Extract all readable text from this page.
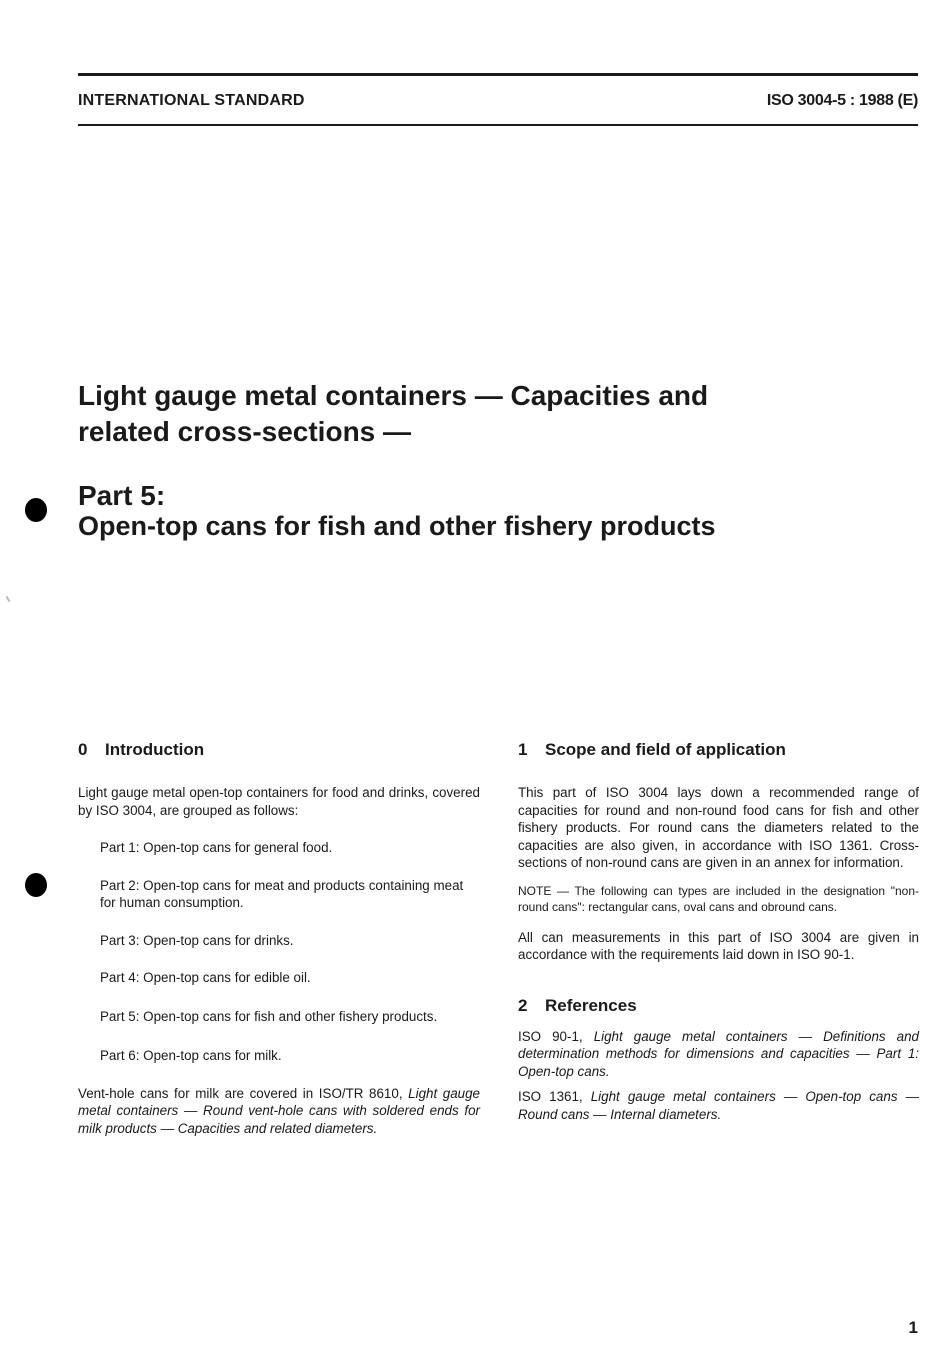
INTERNATIONAL STANDARD	ISO 3004-5 : 1988 (E)
Light gauge metal containers — Capacities and
related cross-sections —
Part 5:
Open-top cans for fish and other fishery products
0 Introduction

Light gauge metal open-top containers for food and drinks, covered by ISO 3004, are grouped as follows:

Part 1: Open-top cans for general food.

Part 2: Open-top cans for meat and products containing meat for human consumption.

Part 3: Open-top cans for drinks.

Part 4: Open-top cans for edible oil.

Part 5: Open-top cans for fish and other fishery products.

Part 6: Open-top cans for milk.

Vent-hole cans for milk are covered in ISO/TR 8610, Light gauge metal containers — Round vent-hole cans with soldered ends for milk products — Capacities and related diameters.

1 Scope and field of application

This part of ISO 3004 lays down a recommended range of capacities for round and non-round food cans for fish and other fishery products. For round cans the diameters related to the capacities are also given, in accordance with ISO 1361. Cross-sections of non-round cans are given in an annex for information.

NOTE — The following can types are included in the designation "non-round cans": rectangular cans, oval cans and obround cans.

All can measurements in this part of ISO 3004 are given in accordance with the requirements laid down in ISO 90-1.

2 References

ISO 90-1, Light gauge metal containers — Definitions and determination methods for dimensions and capacities — Part 1: Open-top cans.

ISO 1361, Light gauge metal containers — Open-top cans — Round cans — Internal diameters.

1
